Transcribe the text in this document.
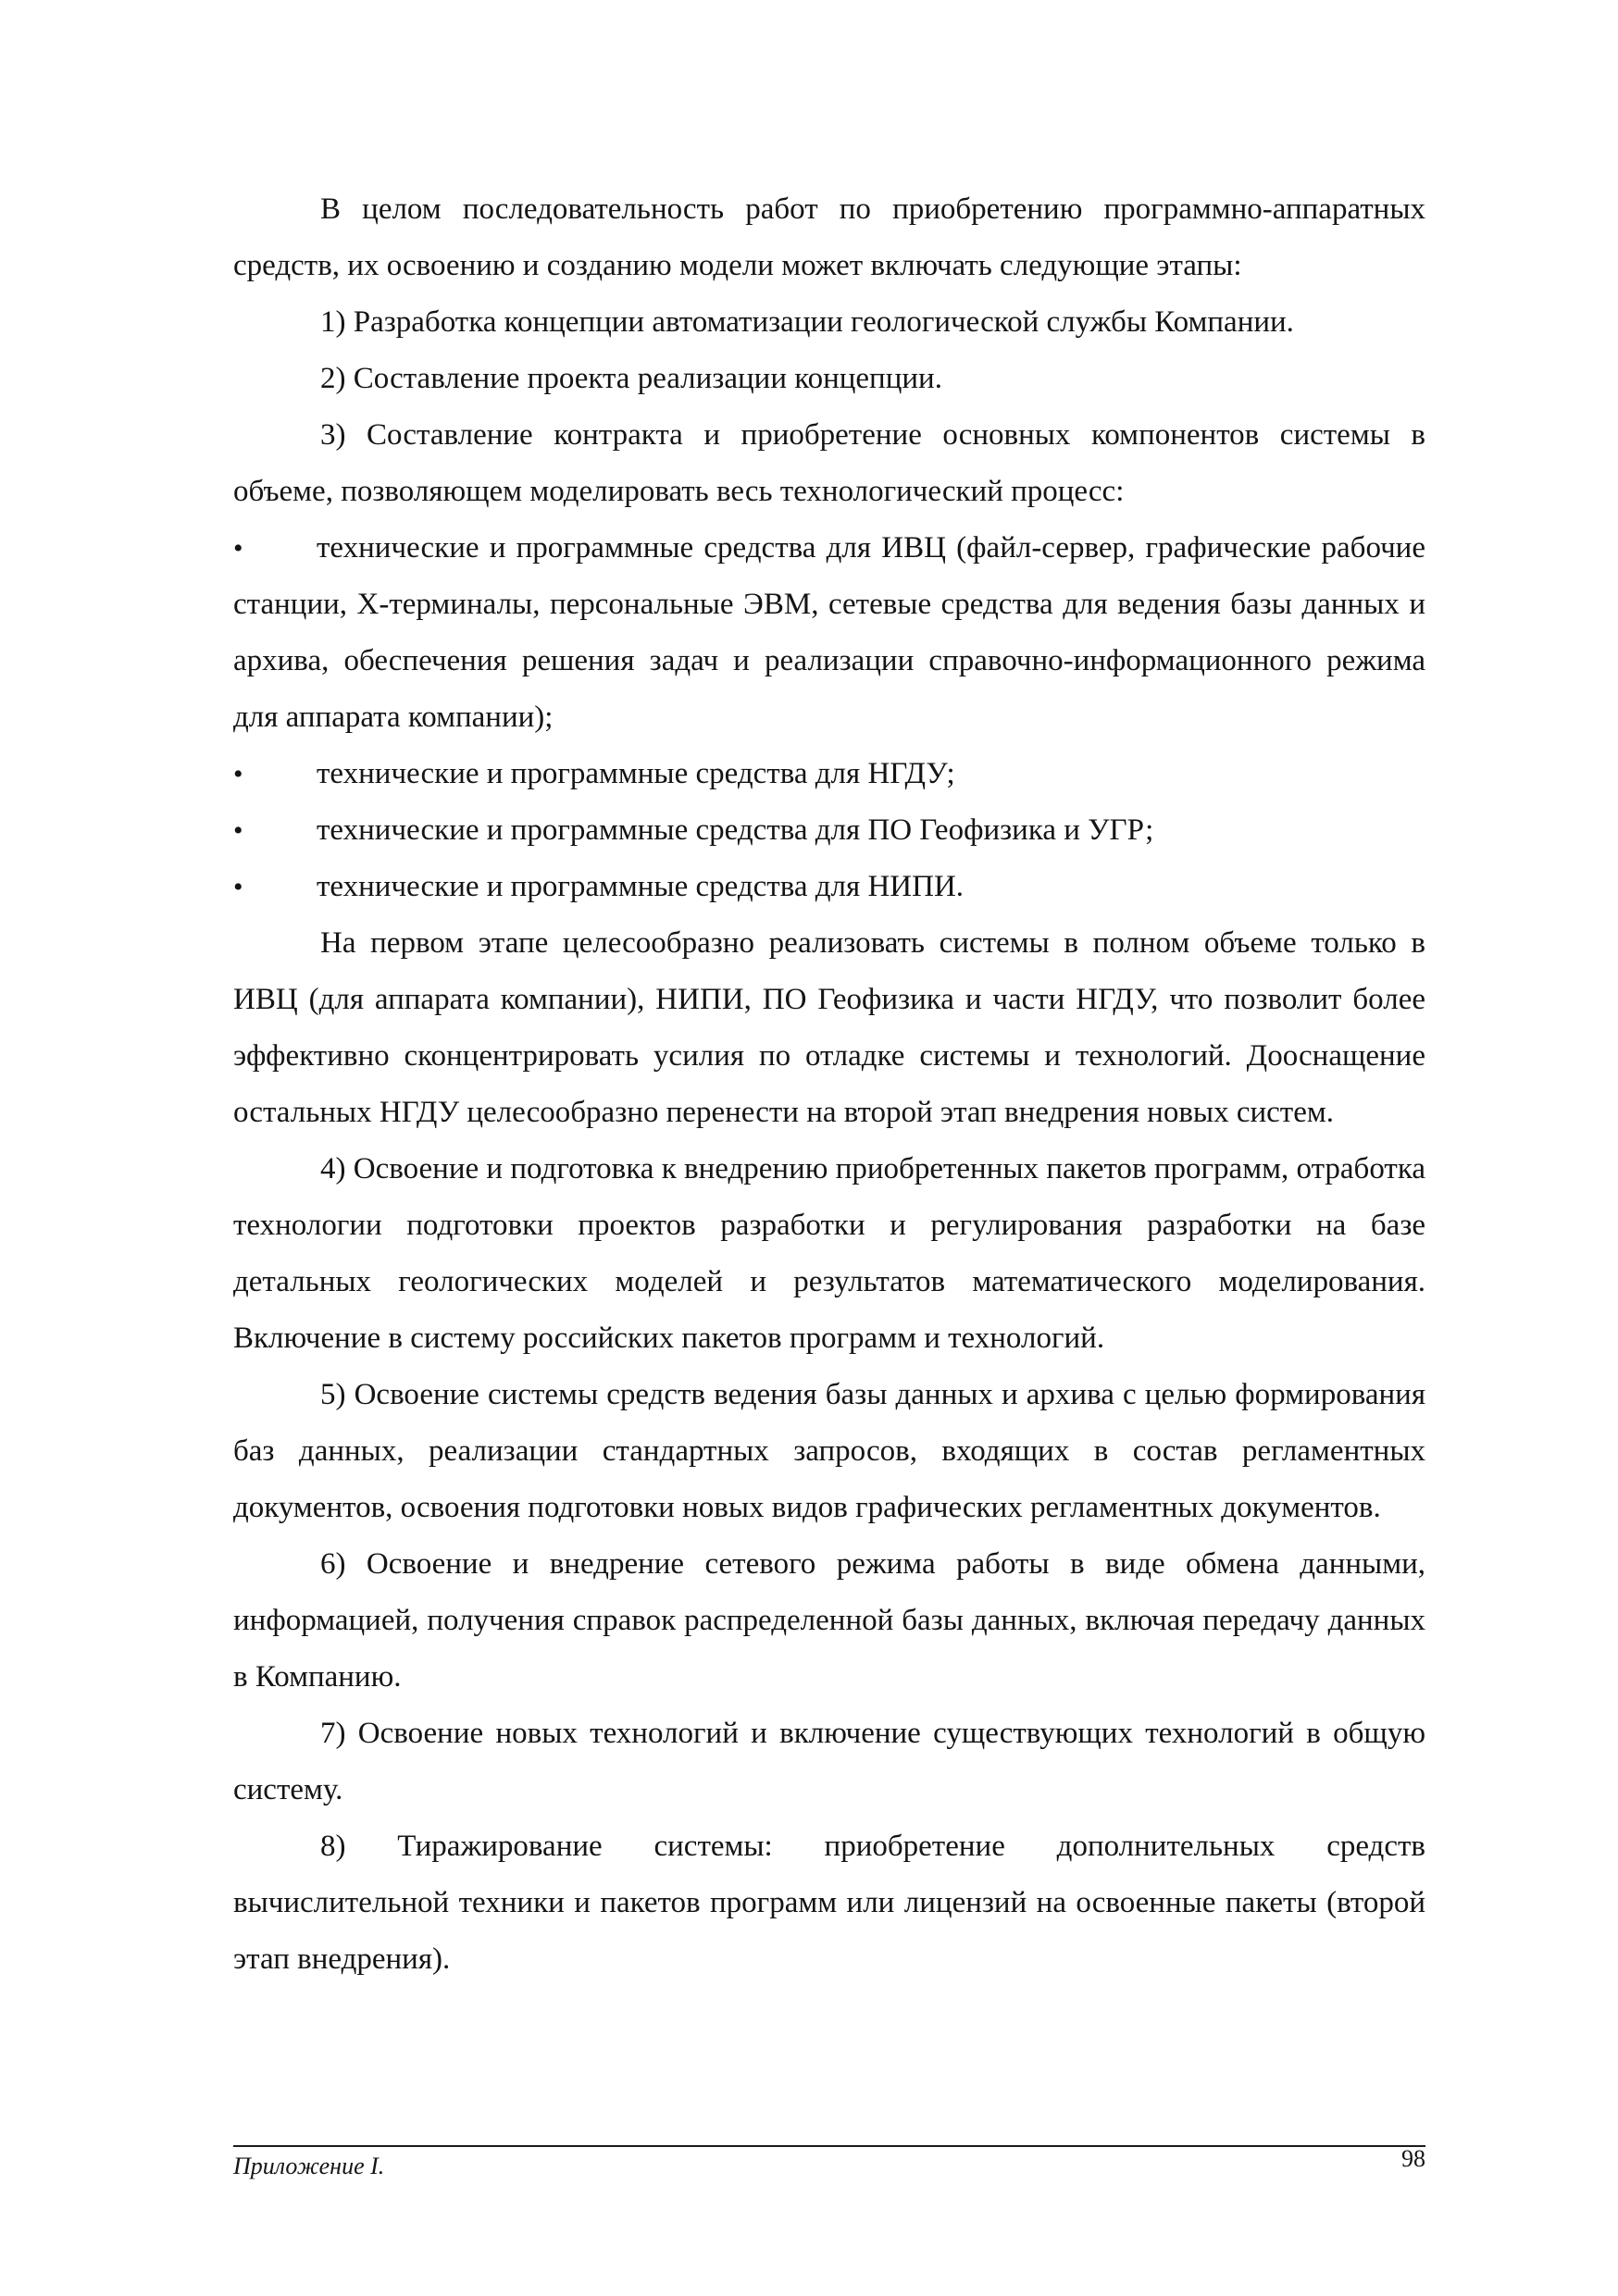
В целом последовательность работ по приобретению программно-аппаратных средств, их освоению и созданию модели может включать следующие этапы:

1) Разработка концепции автоматизации геологической службы Компании.

2) Составление проекта реализации концепции.

3) Составление контракта и приобретение основных компонентов системы в объеме, позволяющем моделировать весь технологический процесс:

•	технические и программные средства для ИВЦ (файл-сервер, графические рабочие станции, Х-терминалы, персональные ЭВМ, сетевые средства для ведения базы данных и архива, обеспечения решения задач и реализации справочно-информационного режима для аппарата компании);

•	технические и программные средства для НГДУ;

•	технические и программные средства для ПО Геофизика и УГР;

•	технические и программные средства для НИПИ.

На первом этапе целесообразно реализовать системы в полном объеме только в ИВЦ (для аппарата компании), НИПИ, ПО Геофизика и части НГДУ, что позволит более эффективно сконцентрировать усилия по отладке системы и технологий. Дооснащение остальных НГДУ целесообразно перенести на второй этап внедрения новых систем.

4) Освоение и подготовка к внедрению приобретенных пакетов программ, отработка технологии подготовки проектов разработки и регулирования разработки на базе детальных геологических моделей и результатов математического моделирования. Включение в систему российских пакетов программ и технологий.

5) Освоение системы средств ведения базы данных и архива с целью формирования баз данных, реализации стандартных запросов, входящих в состав регламентных документов, освоения подготовки новых видов графических регламентных документов.

6) Освоение и внедрение сетевого режима работы в виде обмена данными, информацией, получения справок распределенной базы данных, включая передачу данных в Компанию.

7) Освоение новых технологий и включение существующих технологий в общую систему.

8) Тиражирование системы: приобретение дополнительных средств вычислительной техники и пакетов программ или лицензий на освоенные пакеты (второй этап внедрения).

Приложение I.	98
